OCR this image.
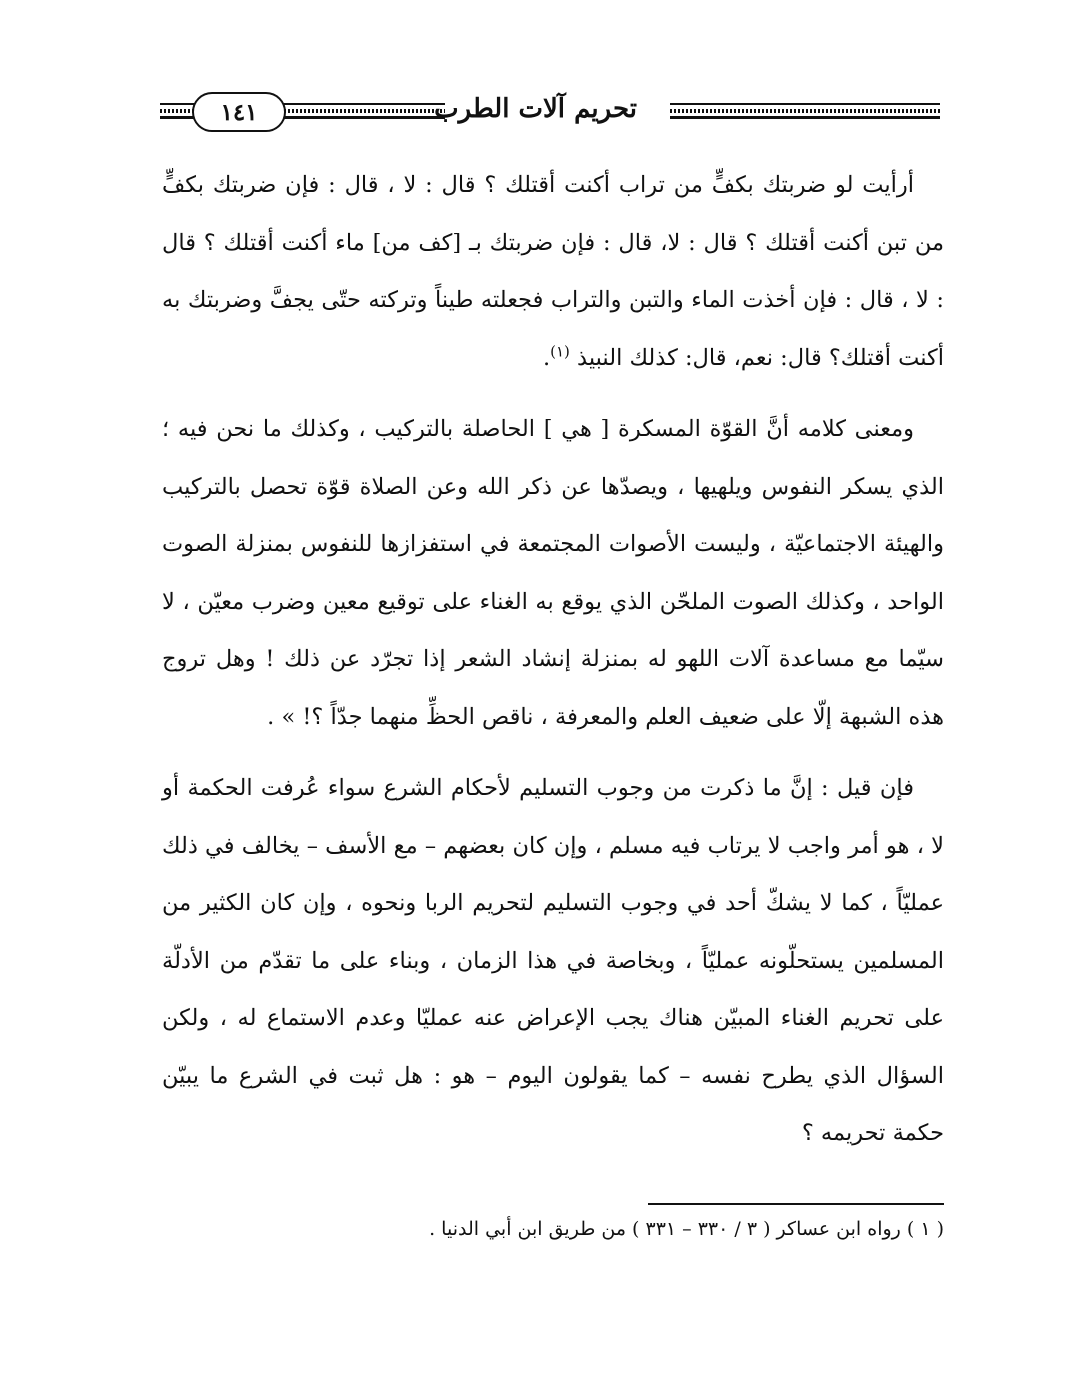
تحريم آلات الطرب
١٤١

أرأيت لو ضربتك بكفٍّ من تراب أكنت أقتلك ؟ قال : لا ، قال : فإن ضربتك بكفٍّ من تبن أكنت أقتلك ؟ قال : لا، قال : فإن ضربتك بـ [كف من] ماء أكنت أقتلك ؟ قال : لا ، قال : فإن أخذت الماء والتبن والتراب فجعلته طيناً وتركته حتّى يجفَّ وضربتك به أكنت أقتلك؟ قال: نعم، قال: كذلك النبيذ $^{(١)}$.

ومعنى كلامه أنَّ القوّة المسكرة [ هي ] الحاصلة بالتركيب ، وكذلك ما نحن فيه ؛ الذي يسكر النفوس ويلهيها ، ويصدّها عن ذكر الله وعن الصلاة قوّة تحصل بالتركيب والهيئة الاجتماعيّة ، وليست الأصوات المجتمعة في استفزازها للنفوس بمنزلة الصوت الواحد ، وكذلك الصوت الملحّن الذي يوقع به الغناء على توقيع معين وضرب معيّن ، لا سيّما مع مساعدة آلات اللهو له بمنزلة إنشاد الشعر إذا تجرّد عن ذلك ! وهل تروج هذه الشبهة إلّا على ضعيف العلم والمعرفة ، ناقص الحظِّ منهما جدّاً ؟! » .

فإن قيل : إنَّ ما ذكرت من وجوب التسليم لأحكام الشرع سواء عُرفت الحكمة أو لا ، هو أمر واجب لا يرتاب فيه مسلم ، وإن كان بعضهم – مع الأسف – يخالف في ذلك عمليّاً ، كما لا يشكّ أحد في وجوب التسليم لتحريم الربا ونحوه ، وإن كان الكثير من المسلمين يستحلّونه عمليّاً ، وبخاصة في هذا الزمان ، وبناء على ما تقدّم من الأدلّة على تحريم الغناء المبيّن هناك يجب الإعراض عنه عمليّا وعدم الاستماع له ، ولكن السؤال الذي يطرح نفسه – كما يقولون اليوم – هو : هل ثبت في الشرع ما يبيّن حكمة تحريمه ؟

( ١ ) رواه ابن عساكر ( ٣ / ٣٣٠ – ٣٣١ ) من طريق ابن أبي الدنيا .
